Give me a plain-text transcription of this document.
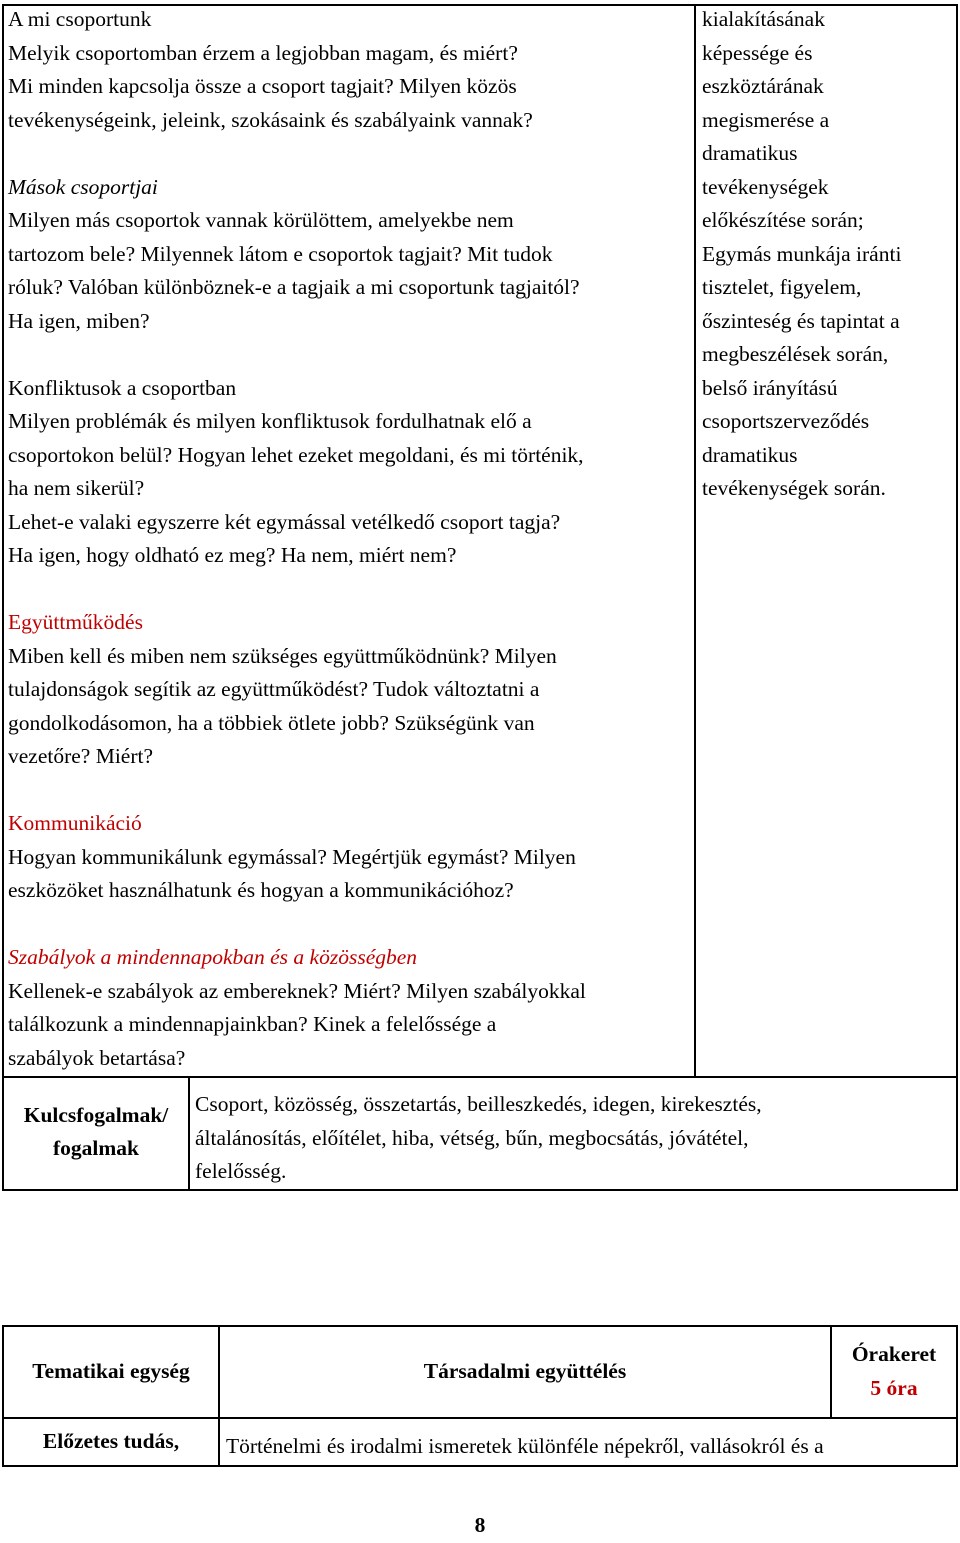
A mi csoportunk
Melyik csoportomban érzem a legjobban magam, és miért?
Mi minden kapcsolja össze a csoport tagjait? Milyen közös
tevékenységeink, jeleink, szokásaink és szabályaink vannak?
Mások csoportjai
Milyen más csoportok vannak körülöttem, amelyekbe nem
tartozom bele? Milyennek látom e csoportok tagjait? Mit tudok
róluk? Valóban különböznek-e a tagjaik a mi csoportunk tagjaitól?
Ha igen, miben?
Konfliktusok a csoportban
Milyen problémák és milyen konfliktusok fordulhatnak elő a
csoportokon belül? Hogyan lehet ezeket megoldani, és mi történik,
ha nem sikerül?
Lehet-e valaki egyszerre két egymással vetélkedő csoport tagja?
Ha igen, hogy oldható ez meg? Ha nem, miért nem?
Együttműködés
Miben kell és miben nem szükséges együttműködnünk? Milyen
tulajdonságok segítik az együttműködést? Tudok változtatni a
gondolkodásomon, ha a többiek ötlete jobb? Szükségünk van
vezetőre? Miért?
Kommunikáció
Hogyan kommunikálunk egymással? Megértjük egymást? Milyen
eszközöket használhatunk és hogyan a kommunikációhoz?
Szabályok a mindennapokban és a közösségben
Kellenek-e szabályok az embereknek? Miért? Milyen szabályokkal
találkozunk a mindennapjainkban? Kinek a felelőssége a
szabályok betartása?
kialakításának
képessége és
eszköztárának
megismerése a
dramatikus
tevékenységek
előkészítése során;
Egymás munkája iránti
tisztelet, figyelem,
őszinteség és tapintat a
megbeszélések során,
belső irányítású
csoportszerveződés
dramatikus
tevékenységek során.
Kulcsfogalmak/
fogalmak
Csoport, közösség, összetartás, beilleszkedés, idegen, kirekesztés,
általánosítás, előítélet, hiba, vétség, bűn, megbocsátás, jóvátétel,
felelősség.
Tematikai egység	Társadalmi együttélés
Órakeret
5 óra
Előzetes tudás,	Történelmi és irodalmi ismeretek különféle népekről, vallásokról és a
8
